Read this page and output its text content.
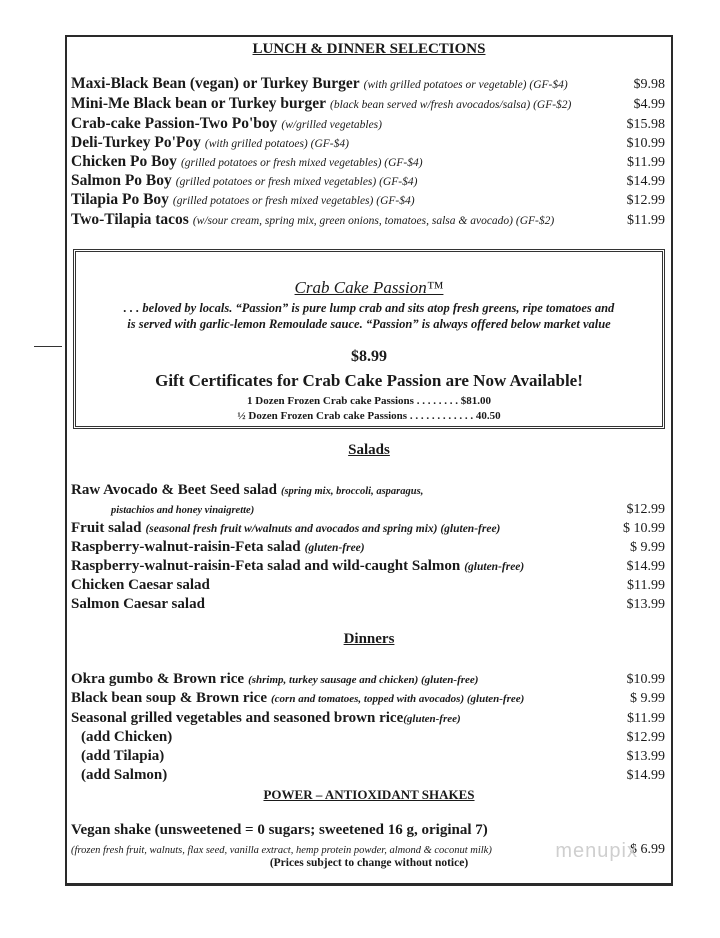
LUNCH & DINNER SELECTIONS
Maxi-Black Bean (vegan) or Turkey Burger (with grilled potatoes or vegetable) (GF-$4)	$9.98
Mini-Me Black bean or Turkey burger (black bean served w/fresh avocados/salsa) (GF-$2)	$4.99
Crab-cake Passion-Two Po'boy (w/grilled vegetables)	$15.98
Deli-Turkey Po'Poy (with grilled potatoes) (GF-$4)	$10.99
Chicken Po Boy (grilled potatoes or fresh mixed vegetables) (GF-$4)	$11.99
Salmon Po Boy (grilled potatoes or fresh mixed vegetables) (GF-$4)	$14.99
Tilapia Po Boy (grilled potatoes or fresh mixed vegetables) (GF-$4)	$12.99
Two-Tilapia tacos (w/sour cream, spring mix, green onions, tomatoes, salsa & avocado) (GF-$2)	$11.99
Crab Cake Passion™
. . . beloved by locals. “Passion” is pure lump crab and sits atop fresh greens, ripe tomatoes and
is served with garlic-lemon Remoulade sauce. “Passion” is always offered below market value
$8.99
Gift Certificates for Crab Cake Passion are Now Available!
1 Dozen Frozen Crab cake Passions . . . . . . . . $81.00
½ Dozen Frozen Crab cake Passions . . . . . . . . . . . . 40.50
Salads
Raw Avocado & Beet Seed salad (spring mix, broccoli, asparagus,
pistachios and honey vinaigrette)	$12.99
Fruit salad (seasonal fresh fruit w/walnuts and avocados and spring mix) (gluten-free)	$ 10.99
Raspberry-walnut-raisin-Feta salad (gluten-free)	$ 9.99
Raspberry-walnut-raisin-Feta salad and wild-caught Salmon (gluten-free)	$14.99
Chicken Caesar salad	$11.99
Salmon Caesar salad	$13.99
Dinners
Okra gumbo & Brown rice (shrimp, turkey sausage and chicken) (gluten-free)	$10.99
Black bean soup & Brown rice (corn and tomatoes, topped with avocados) (gluten-free)	$ 9.99
Seasonal grilled vegetables and seasoned brown rice(gluten-free)	$11.99
(add Chicken)	$12.99
(add Tilapia)	$13.99
(add Salmon)	$14.99
POWER – ANTIOXIDANT SHAKES
Vegan shake (unsweetened = 0 sugars; sweetened 16 g, original 7)
(frozen fresh fruit, walnuts, flax seed, vanilla extract, hemp protein powder, almond & coconut milk)	$ 6.99
(Prices subject to change without notice)
menupix
